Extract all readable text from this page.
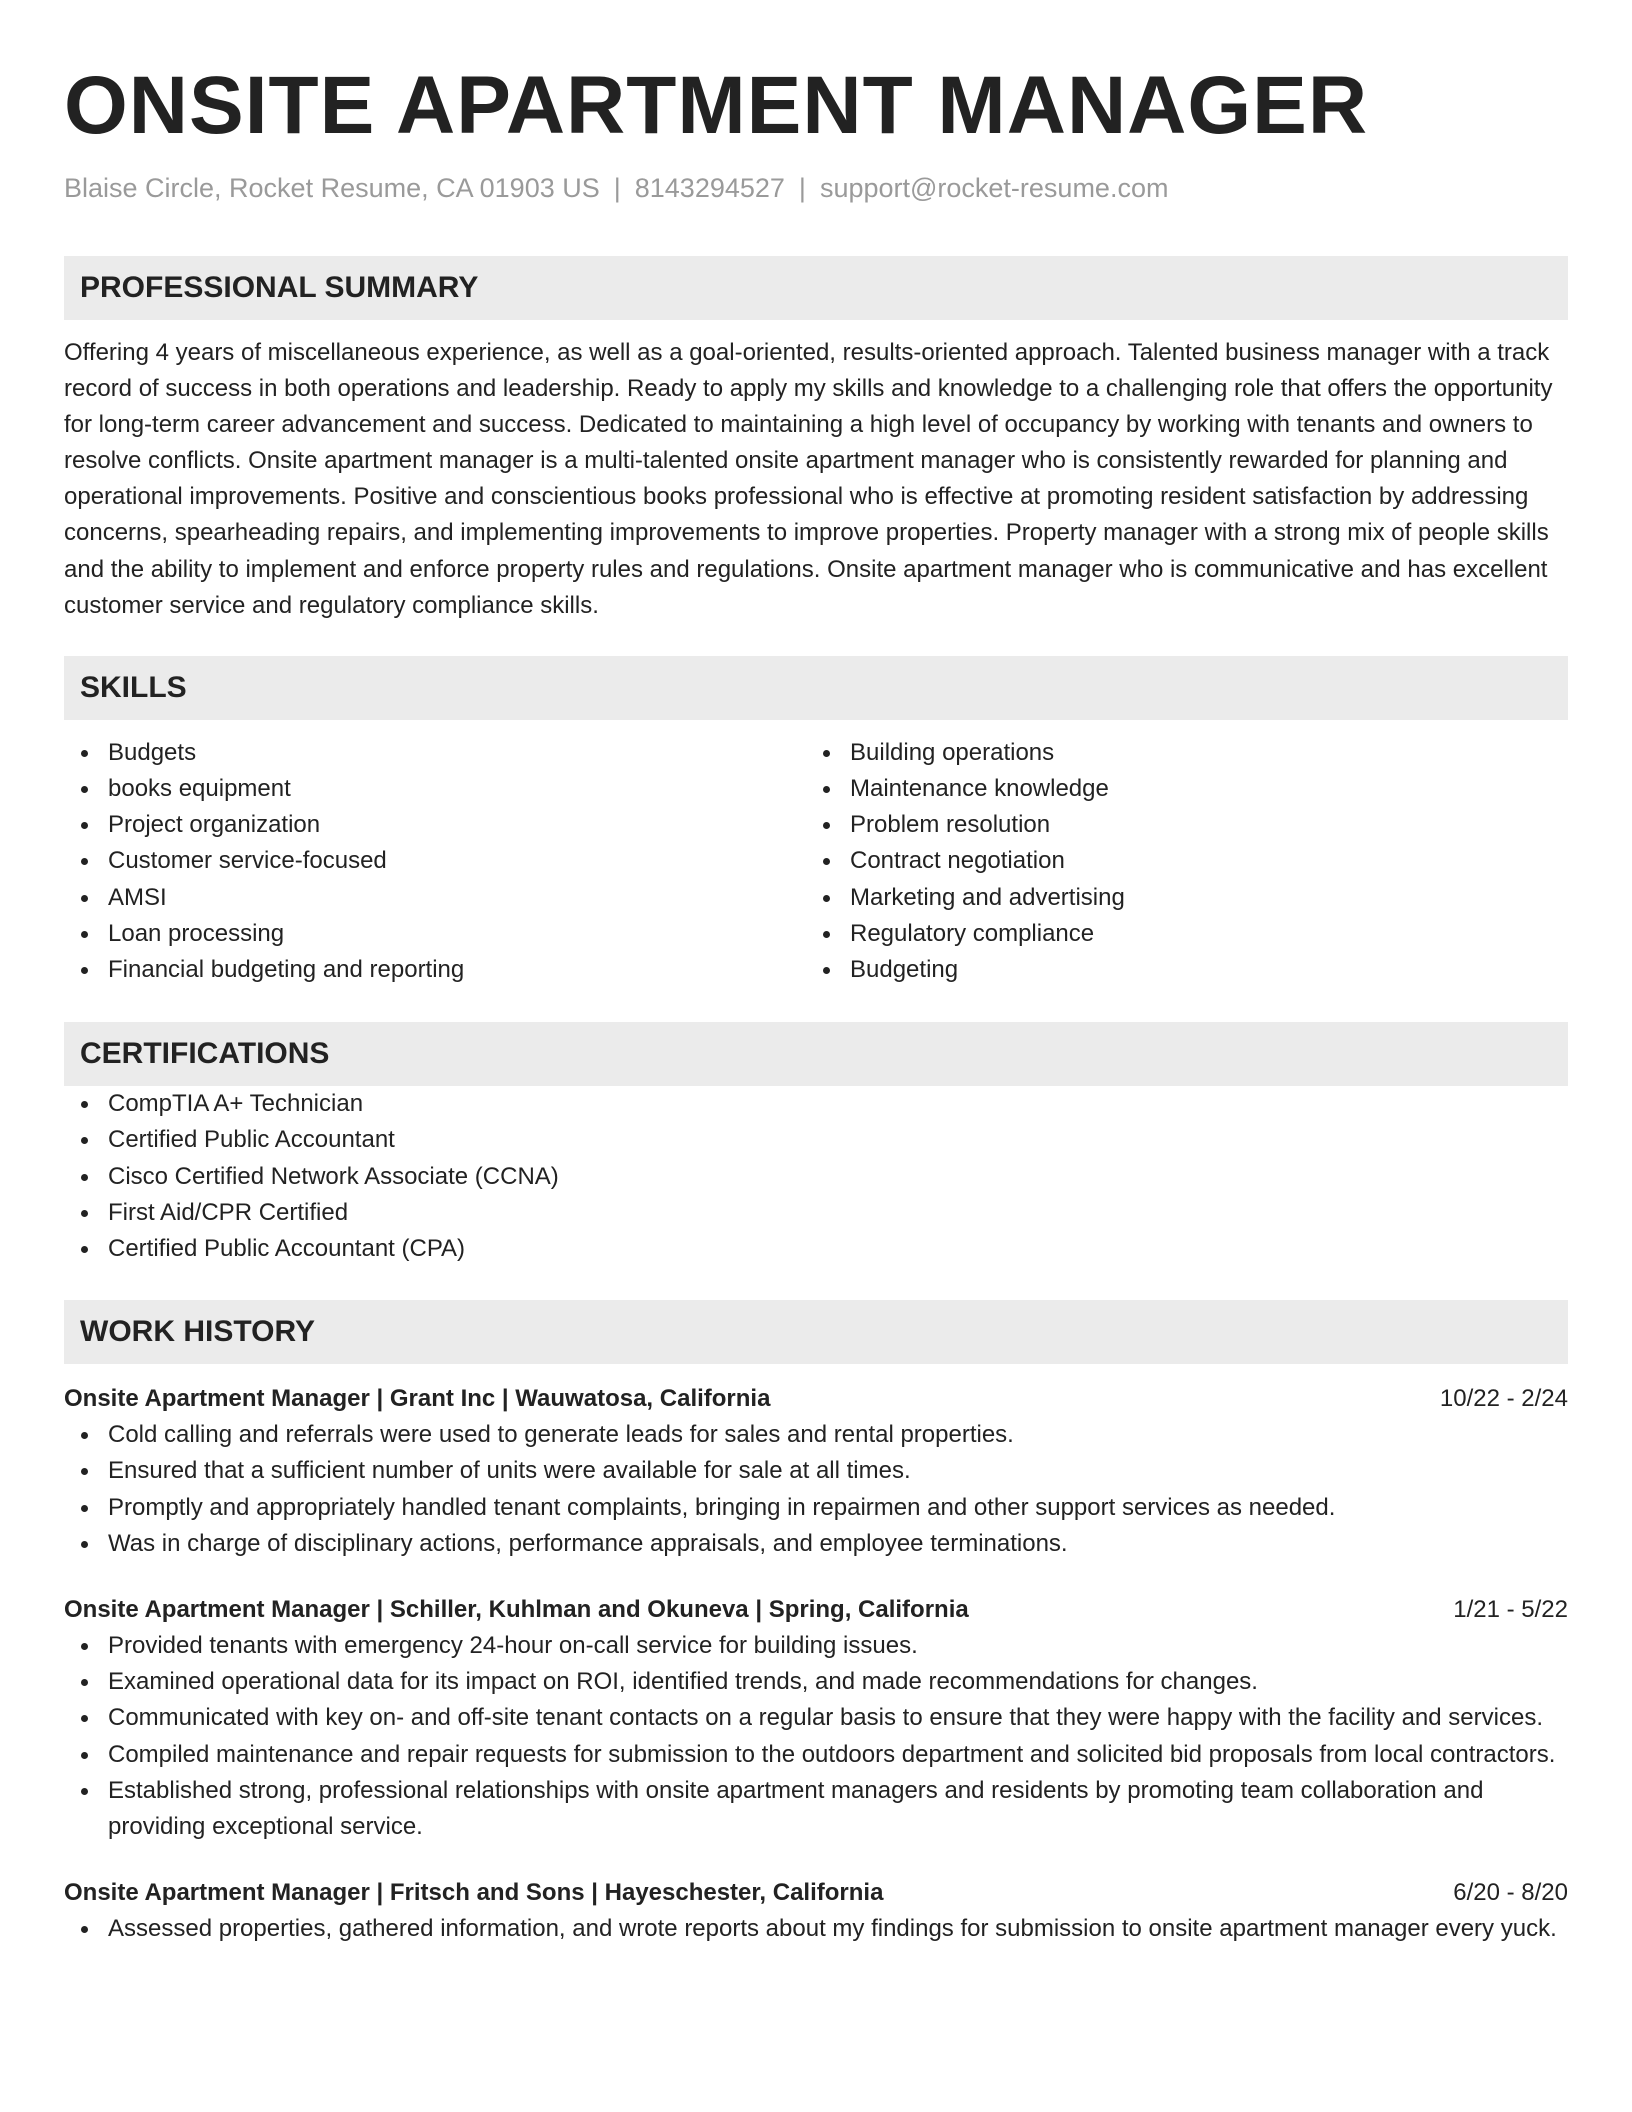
ONSITE APARTMENT MANAGER
Blaise Circle, Rocket Resume, CA 01903 US | 8143294527 | support@rocket-resume.com
PROFESSIONAL SUMMARY

Offering 4 years of miscellaneous experience, as well as a goal-oriented, results-oriented approach. Talented business manager with a track record of success in both operations and leadership. Ready to apply my skills and knowledge to a challenging role that offers the opportunity for long-term career advancement and success. Dedicated to maintaining a high level of occupancy by working with tenants and owners to resolve conflicts. Onsite apartment manager is a multi-talented onsite apartment manager who is consistently rewarded for planning and operational improvements. Positive and conscientious books professional who is effective at promoting resident satisfaction by addressing concerns, spearheading repairs, and implementing improvements to improve properties. Property manager with a strong mix of people skills and the ability to implement and enforce property rules and regulations. Onsite apartment manager who is communicative and has excellent customer service and regulatory compliance skills.

SKILLS
Budgets
books equipment
Project organization
Customer service-focused
AMSI
Loan processing
Financial budgeting and reporting
Building operations
Maintenance knowledge
Problem resolution
Contract negotiation
Marketing and advertising
Regulatory compliance
Budgeting
CERTIFICATIONS
CompTIA A+ Technician
Certified Public Accountant
Cisco Certified Network Associate (CCNA)
First Aid/CPR Certified
Certified Public Accountant (CPA)
WORK HISTORY
Onsite Apartment Manager | Grant Inc | Wauwatosa, California	10/22 - 2/24
Cold calling and referrals were used to generate leads for sales and rental properties.
Ensured that a sufficient number of units were available for sale at all times.
Promptly and appropriately handled tenant complaints, bringing in repairmen and other support services as needed.
Was in charge of disciplinary actions, performance appraisals, and employee terminations.
Onsite Apartment Manager | Schiller, Kuhlman and Okuneva | Spring, California	1/21 - 5/22
Provided tenants with emergency 24-hour on-call service for building issues.
Examined operational data for its impact on ROI, identified trends, and made recommendations for changes.
Communicated with key on- and off-site tenant contacts on a regular basis to ensure that they were happy with the facility and services.
Compiled maintenance and repair requests for submission to the outdoors department and solicited bid proposals from local contractors.
Established strong, professional relationships with onsite apartment managers and residents by promoting team collaboration and providing exceptional service.
Onsite Apartment Manager | Fritsch and Sons | Hayeschester, California	6/20 - 8/20
Assessed properties, gathered information, and wrote reports about my findings for submission to onsite apartment manager every yuck.
